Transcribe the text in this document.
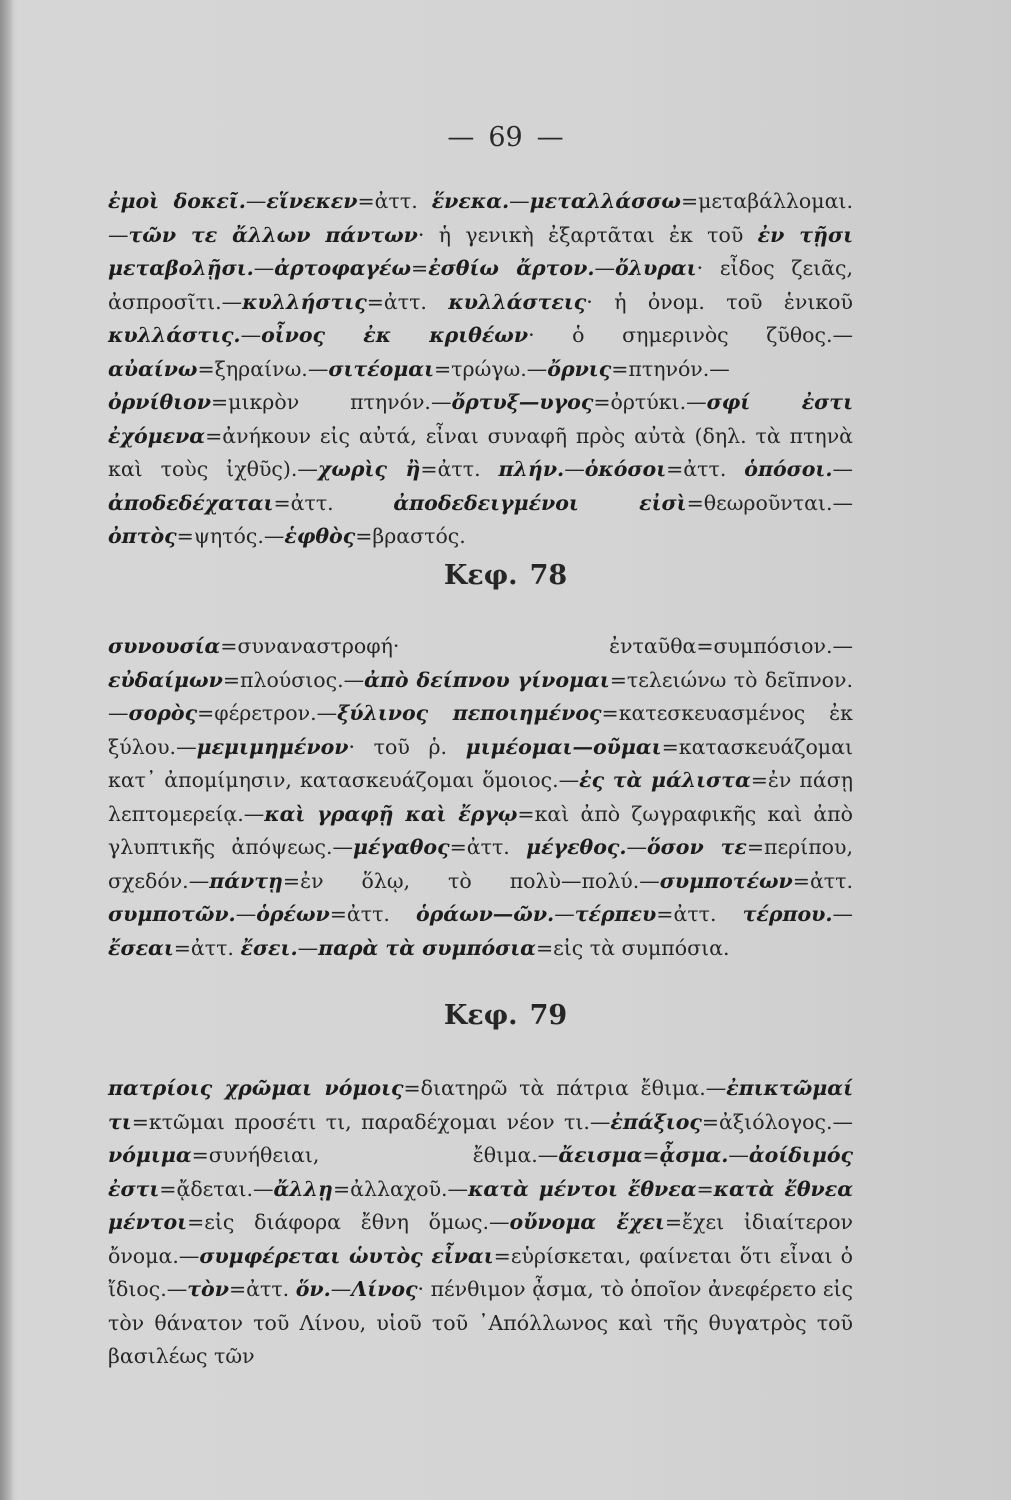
— 69 —

ἐμοὶ δοκεῖ.—εἵνεκεν=ἀττ. ἕνεκα.—μεταλλάσσω=μεταβάλλομαι.—τῶν τε ἄλλων πάντων· ἡ γενικὴ ἐξαρτᾶται ἐκ τοῦ ἐν τῇσι μεταβολῇσι.—ἀρτοφαγέω=ἐσθίω ἄρτον.—ὄλυραι· εἶδος ζειᾶς, ἀσπροσῖτι.—κυλλήστις=ἀττ. κυλλάστεις· ἡ ὀνομ. τοῦ ἑνικοῦ κυλλάστις.—οἶνος ἐκ κριθέων· ὁ σημερινὸς ζῦθος.—αὐαίνω=ξηραίνω.—σιτέομαι=τρώγω.—ὄρνις=πτηνόν.— ὀρνίθιον=μικρὸν πτηνόν.—ὄρτυξ—υγος=ὀρτύκι.—σφί ἐστι ἐχόμενα=ἀνήκουν εἰς αὐτά, εἶναι συναφῆ πρὸς αὐτὰ (δηλ. τὰ πτηνὰ καὶ τοὺς ἰχθῦς).—χωρὶς ἢ=ἀττ. πλήν.—ὁκόσοι=ἀττ. ὁπόσοι.—ἀποδεδέχαται=ἀττ. ἀποδεδειγμένοι εἰσὶ=θεωροῦνται.—ὀπτὸς=ψητός.—ἑφθὸς=βραστός.

Κεφ. 78

συνουσία=συναναστροφή· ἐνταῦθα=συμπόσιον.—εὐδαίμων=πλούσιος.—ἀπὸ δείπνου γίνομαι=τελειώνω τὸ δεῖπνον.—σορὸς=φέρετρον.—ξύλινος πεποιημένος=κατεσκευασμένος ἐκ ξύλου.—μεμιμημένον· τοῦ ῥ. μιμέομαι—οῦμαι=κατασκευάζομαι κατ᾽ ἀπομίμησιν, κατασκευάζομαι ὅμοιος.—ἐς τὰ μάλιστα=ἐν πάσῃ λεπτομερείᾳ.—καὶ γραφῇ καὶ ἔργῳ=καὶ ἀπὸ ζωγραφικῆς καὶ ἀπὸ γλυπτικῆς ἀπόψεως.—μέγαθος=ἀττ. μέγεθος.—ὅσον τε=περίπου, σχεδόν.—πάντῃ=ἐν ὅλῳ, τὸ πολὺ—πολύ.—συμποτέων=ἀττ. συμποτῶν.—ὁρέων=ἀττ. ὁράων—ῶν.—τέρπευ=ἀττ. τέρπου.—ἔσεαι=ἀττ. ἔσει.—παρὰ τὰ συμπόσια=εἰς τὰ συμπόσια.

Κεφ. 79

πατρίοις χρῶμαι νόμοις=διατηρῶ τὰ πάτρια ἔθιμα.—ἐπικτῶμαί τι=κτῶμαι προσέτι τι, παραδέχομαι νέον τι.—ἐπάξιος=ἀξιόλογος.—νόμιμα=συνήθειαι, ἔθιμα.—ἄεισμα=ᾆσμα.—ἀοίδιμός ἐστι=ᾄδεται.—ἄλλῃ=ἀλλαχοῦ.—κατὰ μέντοι ἔθνεα=κατὰ ἔθνεα μέντοι=εἰς διάφορα ἔθνη ὅμως.—οὔνομα ἔχει=ἔχει ἰδιαίτερον ὄνομα.—συμφέρεται ὡυτὸς εἶναι=εὑρίσκεται, φαίνεται ὅτι εἶναι ὁ ἴδιος.—τὸν=ἀττ. ὅν.—Λίνος· πένθιμον ᾆσμα, τὸ ὁποῖον ἀνεφέρετο εἰς τὸν θάνατον τοῦ Λίνου, υἱοῦ τοῦ ᾿Απόλλωνος καὶ τῆς θυγατρὸς τοῦ βασιλέως τῶν
